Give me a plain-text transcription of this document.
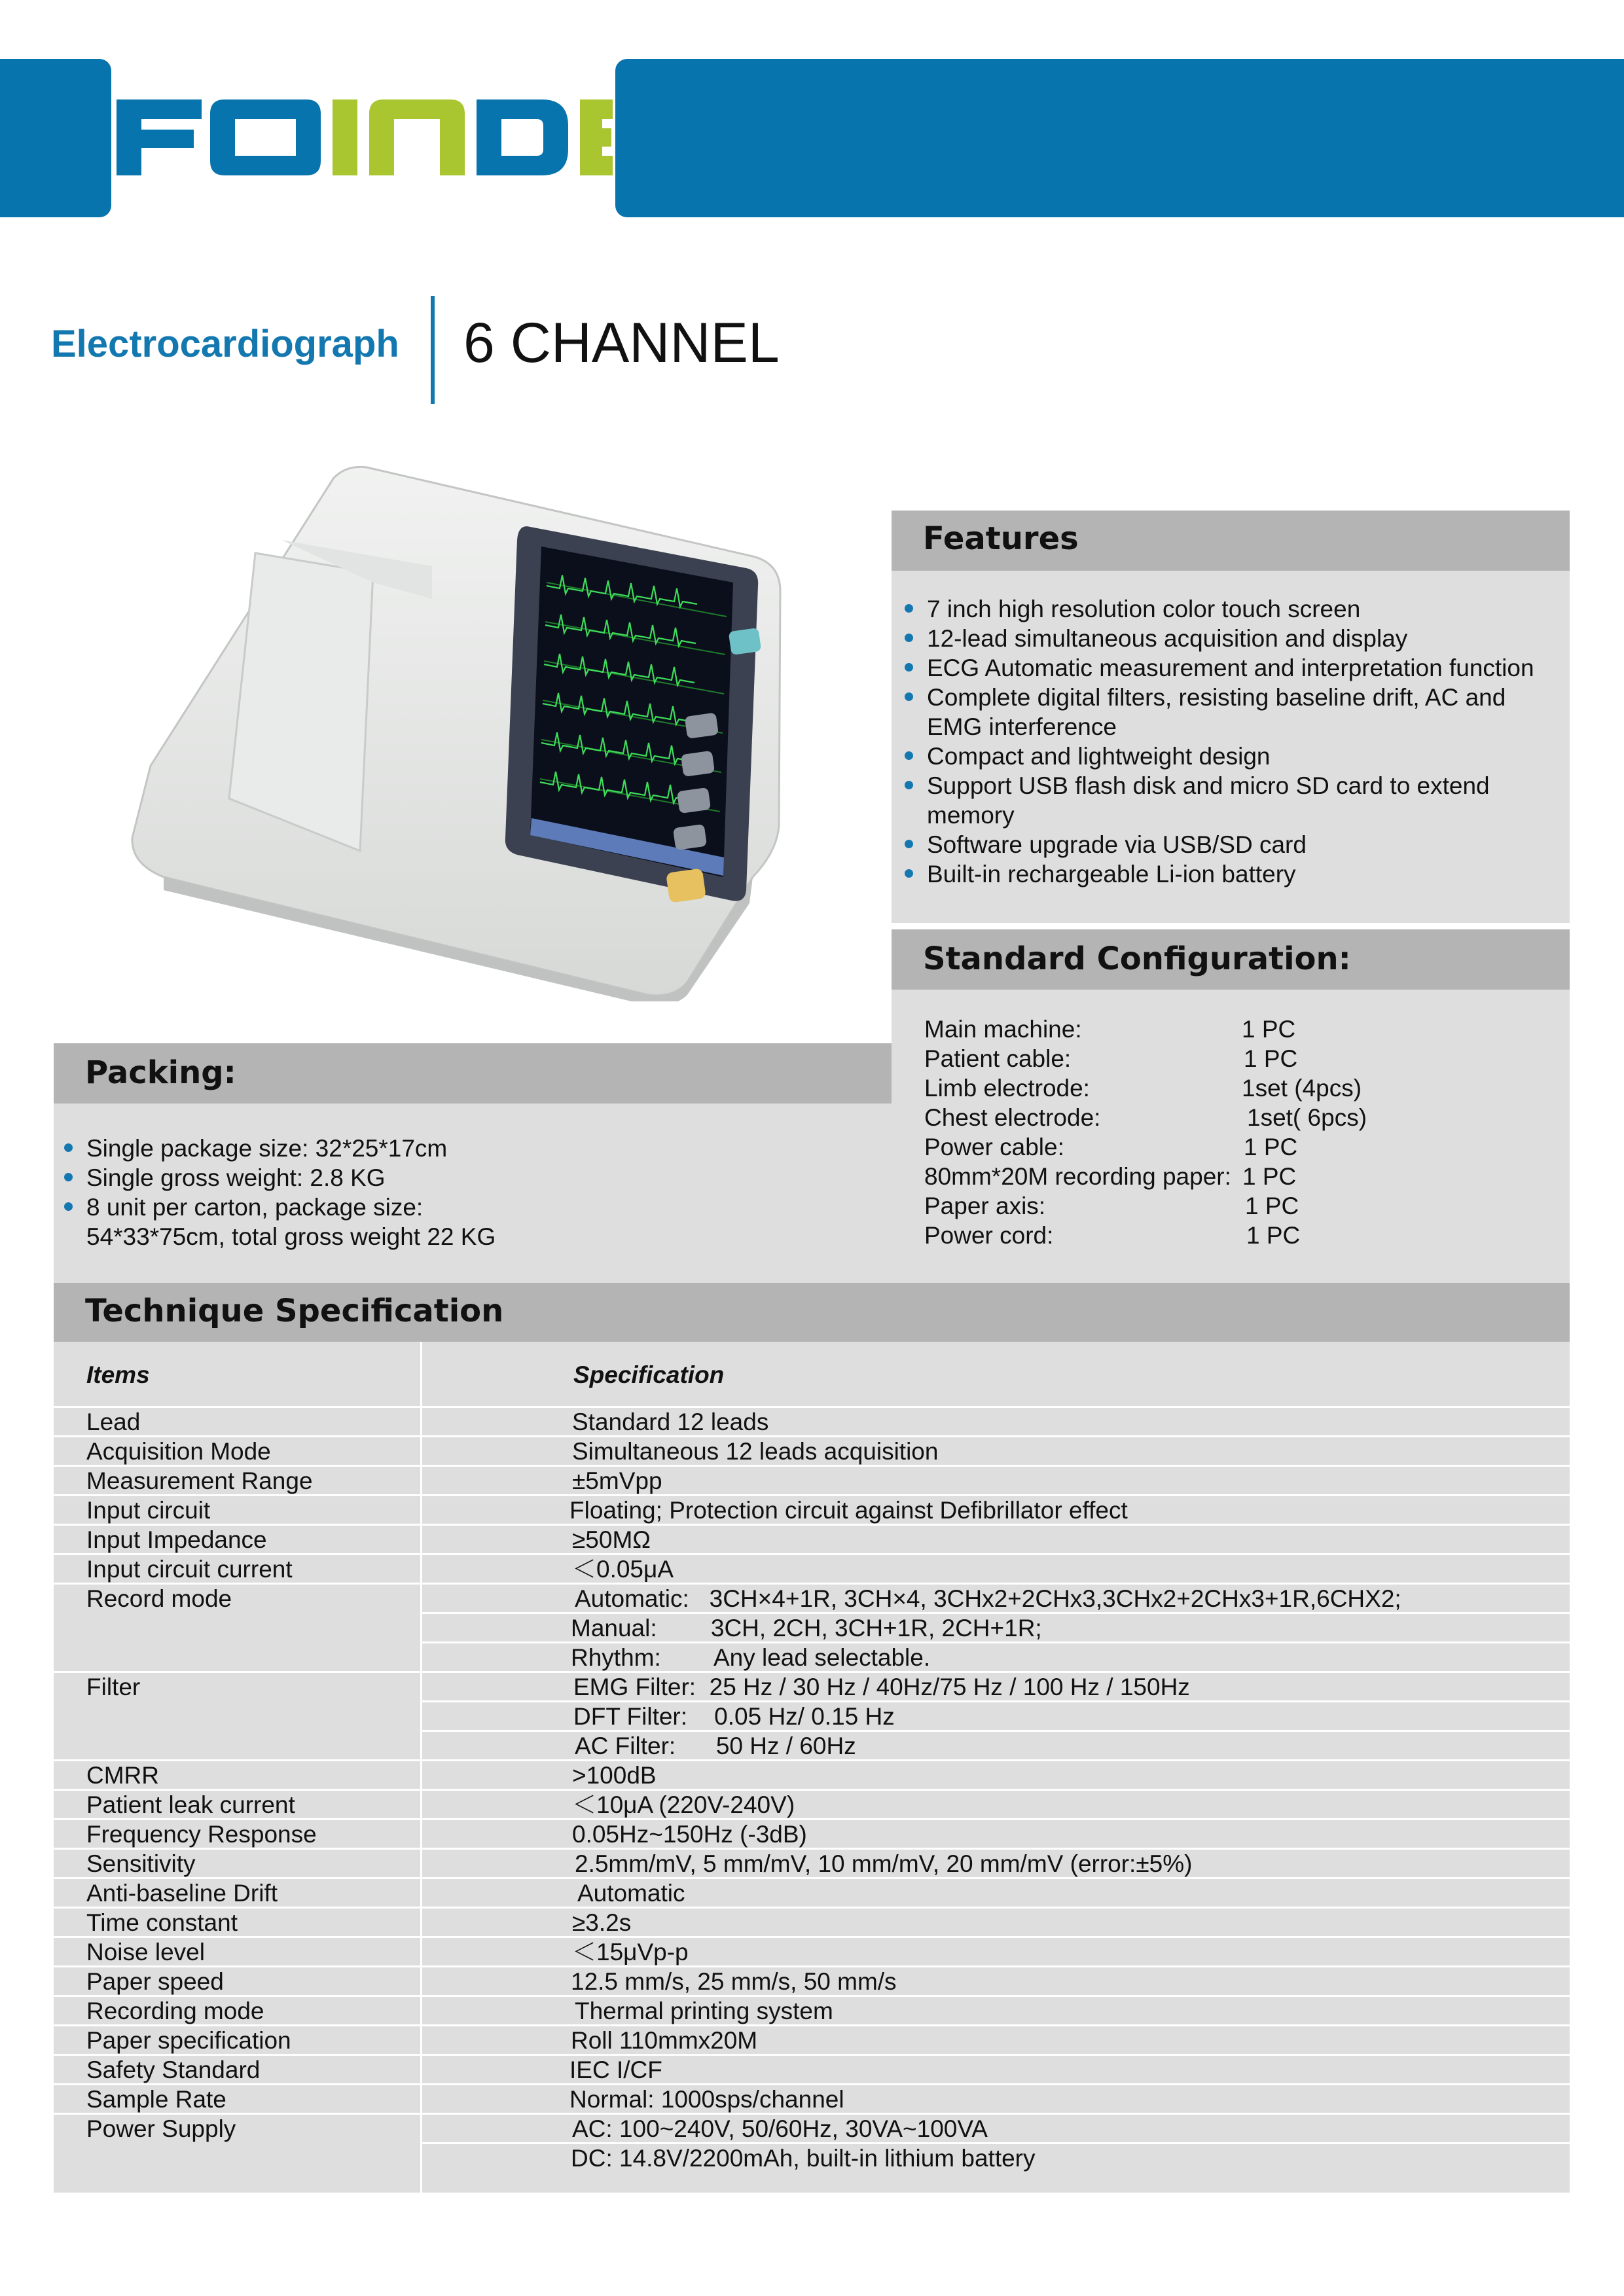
Electrocardiograph 6 CHANNEL
Features
7 inch high resolution color touch screen
12-lead simultaneous acquisition and display
ECG Automatic measurement and interpretation function
Complete digital filters, resisting baseline drift, AC and EMG interference
Compact and lightweight design
Support USB flash disk and micro SD card to extend memory
Software upgrade via USB/SD card
Built-in rechargeable Li-ion battery
Standard Configuration:
Main machine:	1 PC
Patient cable:	1 PC
Limb electrode:	1set (4pcs)
Chest electrode:	1set( 6pcs)
Power cable:	1 PC
80mm*20M recording paper: 1 PC
Paper axis:	1 PC
Power cord:	1 PC
Packing:
Single package size: 32*25*17cm
Single gross weight: 2.8 KG
8 unit per carton, package size: 54*33*75cm, total gross weight 22 KG
Technique Specification
Items	Specification
Lead	Standard 12 leads
Acquisition Mode	Simultaneous 12 leads acquisition
Measurement Range	±5mVpp
Input circuit	Floating; Protection circuit against Defibrillator effect
Input Impedance	≥50MΩ
Input circuit current	＜0.05μA
Record mode	Automatic:   3CH×4+1R, 3CH×4, 3CHx2+2CHx3,3CHx2+2CHx3+1R,6CHX2;
Manual:        3CH, 2CH, 3CH+1R, 2CH+1R;
Rhythm:        Any lead selectable.
Filter	EMG Filter:  25 Hz / 30 Hz / 40Hz/75 Hz / 100 Hz / 150Hz
DFT Filter:    0.05 Hz/ 0.15 Hz
AC Filter:      50 Hz / 60Hz
CMRR	>100dB
Patient leak current	＜10μA (220V-240V)
Frequency Response	0.05Hz~150Hz (-3dB)
Sensitivity	2.5mm/mV, 5 mm/mV, 10 mm/mV, 20 mm/mV (error:±5%)
Anti-baseline Drift	Automatic
Time constant	≥3.2s
Noise level	＜15μVp-p
Paper speed	12.5 mm/s, 25 mm/s, 50 mm/s
Recording mode	Thermal printing system
Paper specification	Roll 110mmx20M
Safety Standard	IEC I/CF
Sample Rate	Normal: 1000sps/channel
Power Supply	AC: 100~240V, 50/60Hz, 30VA~100VA
DC: 14.8V/2200mAh, built-in lithium battery
